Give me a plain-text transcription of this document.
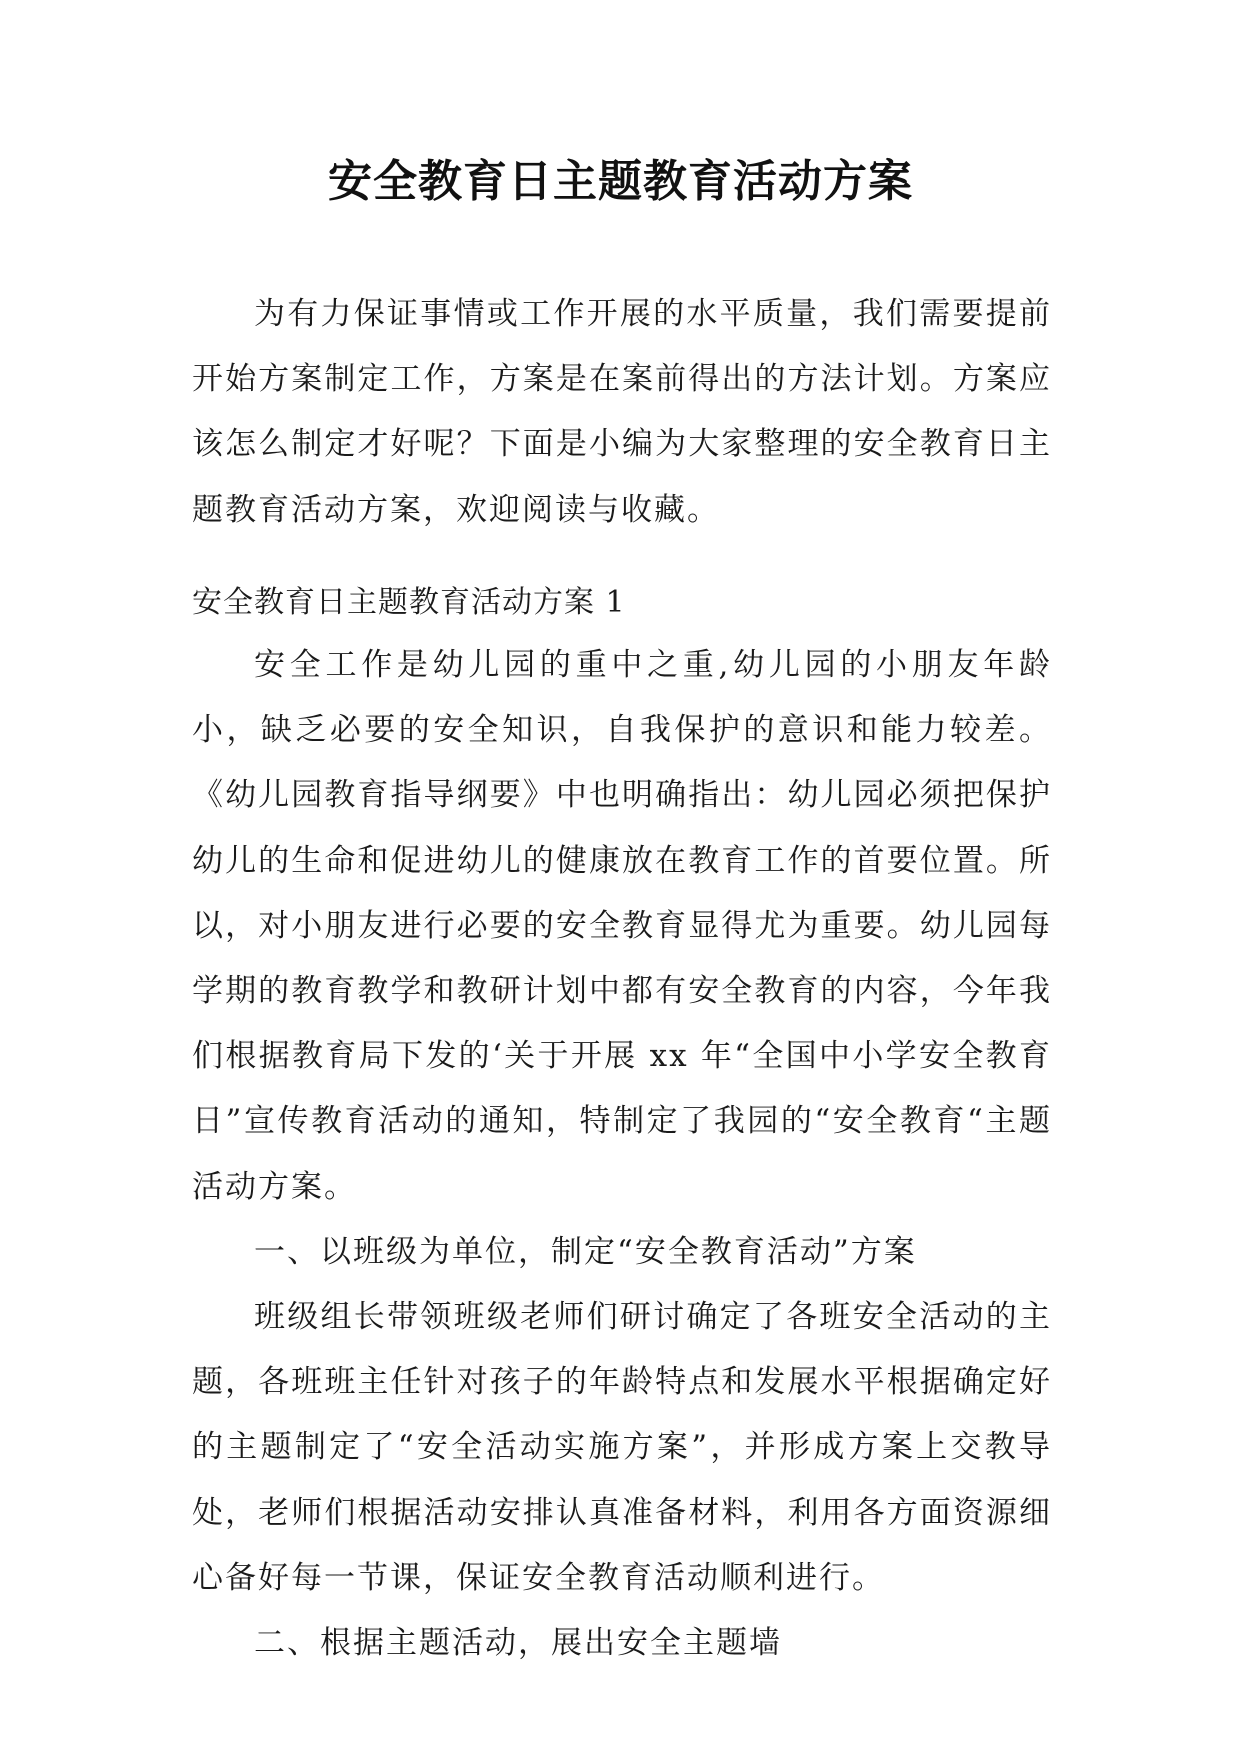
安全教育日主题教育活动方案

为有力保证事情或工作开展的水平质量，我们需要提前开始方案制定工作，方案是在案前得出的方法计划。方案应该怎么制定才好呢？下面是小编为大家整理的安全教育日主题教育活动方案，欢迎阅读与收藏。

安全教育日主题教育活动方案 1

安全工作是幼儿园的重中之重,幼儿园的小朋友年龄小，缺乏必要的安全知识，自我保护的意识和能力较差。《幼儿园教育指导纲要》中也明确指出：幼儿园必须把保护幼儿的生命和促进幼儿的健康放在教育工作的首要位置。所以，对小朋友进行必要的安全教育显得尤为重要。幼儿园每学期的教育教学和教研计划中都有安全教育的内容，今年我们根据教育局下发的‘关于开展 xx 年“全国中小学安全教育日”宣传教育活动的通知，特制定了我园的“安全教育“主题活动方案。

一、以班级为单位，制定“安全教育活动”方案

班级组长带领班级老师们研讨确定了各班安全活动的主题，各班班主任针对孩子的年龄特点和发展水平根据确定好的主题制定了“安全活动实施方案”，并形成方案上交教导处，老师们根据活动安排认真准备材料，利用各方面资源细心备好每一节课，保证安全教育活动顺利进行。

二、根据主题活动，展出安全主题墙
